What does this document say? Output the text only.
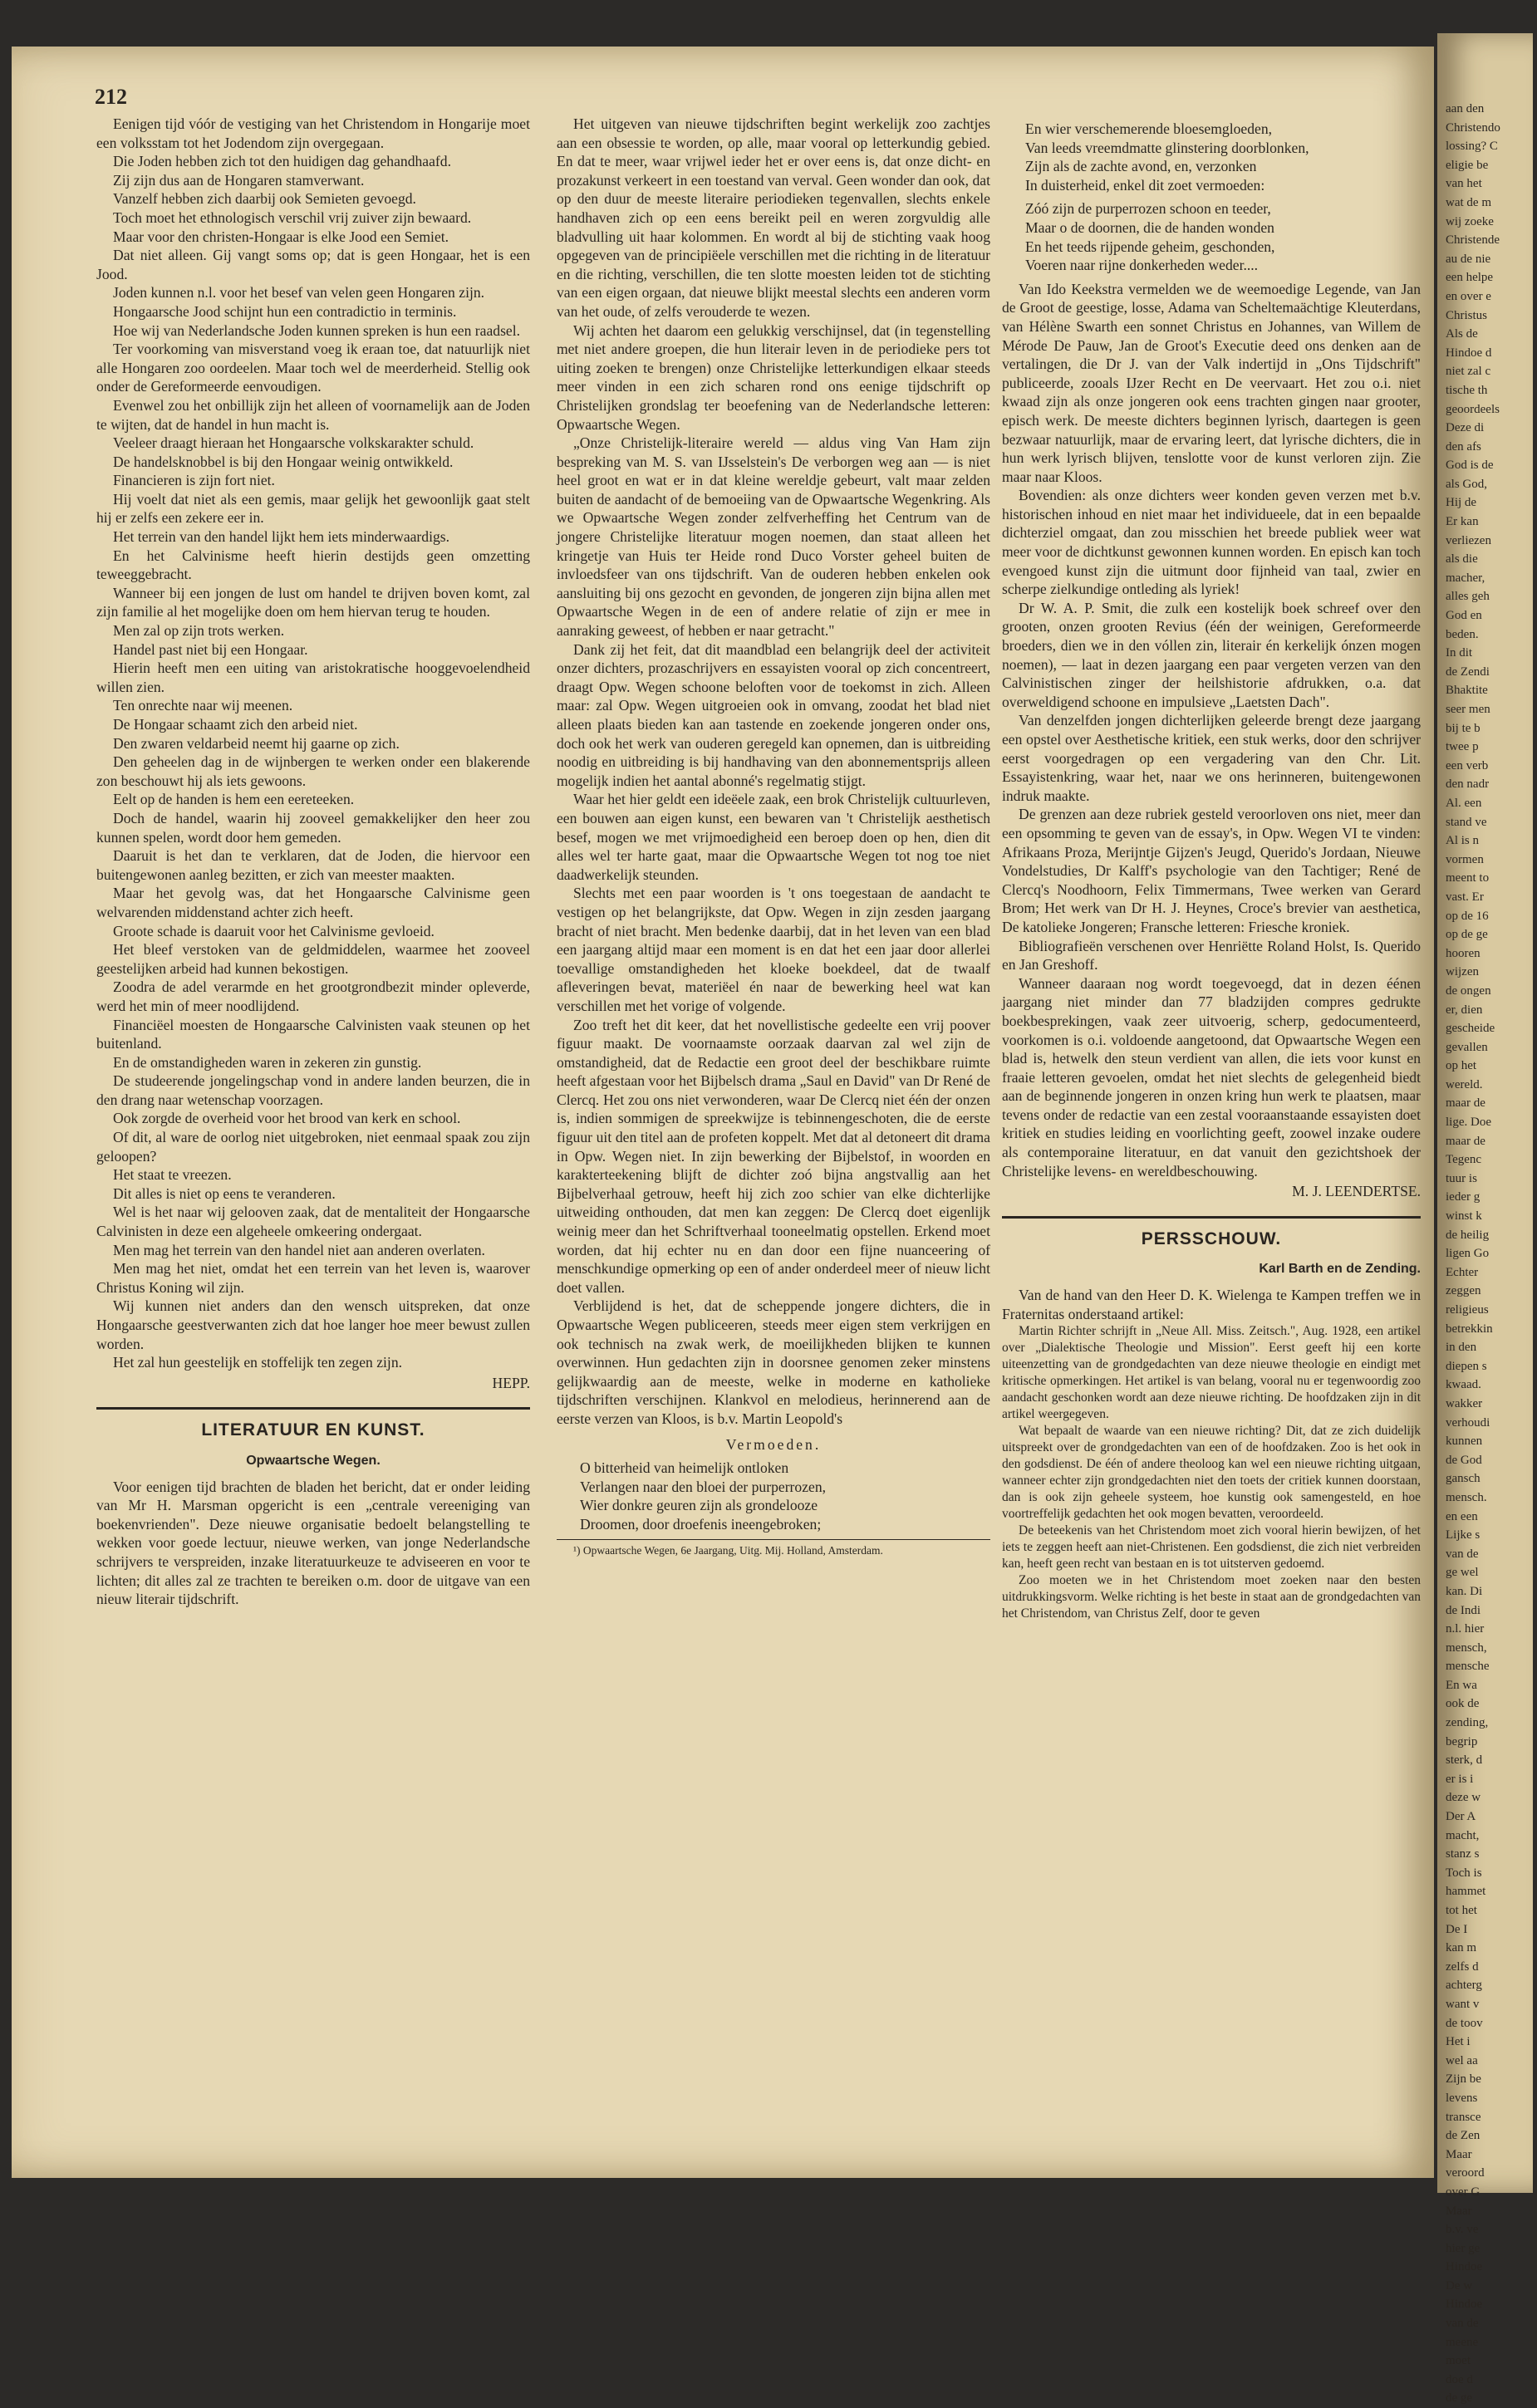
212

Eenigen tijd vóór de vestiging van het Christendom in Hongarije moet een volksstam tot het Jodendom zijn overgegaan.

Die Joden hebben zich tot den huidigen dag gehandhaafd.

Zij zijn dus aan de Hongaren stamverwant.

Vanzelf hebben zich daarbij ook Semieten gevoegd.

Toch moet het ethnologisch verschil vrij zuiver zijn bewaard.

Maar voor den christen-Hongaar is elke Jood een Semiet.

Dat niet alleen. Gij vangt soms op; dat is geen Hongaar, het is een Jood.

Joden kunnen n.l. voor het besef van velen geen Hongaren zijn.

Hongaarsche Jood schijnt hun een contradictio in terminis.

Hoe wij van Nederlandsche Joden kunnen spreken is hun een raadsel.

Ter voorkoming van misverstand voeg ik eraan toe, dat natuurlijk niet alle Hongaren zoo oordeelen. Maar toch wel de meerderheid. Stellig ook onder de Gereformeerde eenvoudigen.

Evenwel zou het onbillijk zijn het alleen of voornamelijk aan de Joden te wijten, dat de handel in hun macht is.

Veeleer draagt hieraan het Hongaarsche volkskarakter schuld.

De handelsknobbel is bij den Hongaar weinig ontwikkeld.

Financieren is zijn fort niet.

Hij voelt dat niet als een gemis, maar gelijk het gewoonlijk gaat stelt hij er zelfs een zekere eer in.

Het terrein van den handel lijkt hem iets minderwaardigs.

En het Calvinisme heeft hierin destijds geen omzetting teweeggebracht.

Wanneer bij een jongen de lust om handel te drijven boven komt, zal zijn familie al het mogelijke doen om hem hiervan terug te houden.

Men zal op zijn trots werken.

Handel past niet bij een Hongaar.

Hierin heeft men een uiting van aristokratische hooggevoelendheid willen zien.

Ten onrechte naar wij meenen.

De Hongaar schaamt zich den arbeid niet.

Den zwaren veldarbeid neemt hij gaarne op zich.

Den geheelen dag in de wijnbergen te werken onder een blakerende zon beschouwt hij als iets gewoons.

Eelt op de handen is hem een eereteeken.

Doch de handel, waarin hij zooveel gemakkelijker den heer zou kunnen spelen, wordt door hem gemeden.

Daaruit is het dan te verklaren, dat de Joden, die hiervoor een buitengewonen aanleg bezitten, er zich van meester maakten.

Maar het gevolg was, dat het Hongaarsche Calvinisme geen welvarenden middenstand achter zich heeft.

Groote schade is daaruit voor het Calvinisme gevloeid.

Het bleef verstoken van de geldmiddelen, waarmee het zooveel geestelijken arbeid had kunnen bekostigen.

Zoodra de adel verarmde en het grootgrondbezit minder opleverde, werd het min of meer noodlijdend.

Financiëel moesten de Hongaarsche Calvinisten vaak steunen op het buitenland.

En de omstandigheden waren in zekeren zin gunstig.

De studeerende jongelingschap vond in andere landen beurzen, die in den drang naar wetenschap voorzagen.

Ook zorgde de overheid voor het brood van kerk en school.

Of dit, al ware de oorlog niet uitgebroken, niet eenmaal spaak zou zijn geloopen?

Het staat te vreezen.

Dit alles is niet op eens te veranderen.

Wel is het naar wij gelooven zaak, dat de mentaliteit der Hongaarsche Calvinisten in deze een algeheele omkeering ondergaat.

Men mag het terrein van den handel niet aan anderen overlaten.

Men mag het niet, omdat het een terrein van het leven is, waarover Christus Koning wil zijn.

Wij kunnen niet anders dan den wensch uitspreken, dat onze Hongaarsche geestverwanten zich dat hoe langer hoe meer bewust zullen worden.

Het zal hun geestelijk en stoffelijk ten zegen zijn.

HEPP.

LITERATUUR EN KUNST.
Opwaartsche Wegen.

Voor eenigen tijd brachten de bladen het bericht, dat er onder leiding van Mr H. Marsman opgericht is een „centrale vereeniging van boekenvrienden". Deze nieuwe organisatie bedoelt belangstelling te wekken voor goede lectuur, nieuwe werken, van jonge Nederlandsche schrijvers te verspreiden, inzake literatuurkeuze te adviseeren en voor te lichten; dit alles zal ze trachten te bereiken o.m. door de uitgave van een nieuw literair tijdschrift.

Het uitgeven van nieuwe tijdschriften begint werkelijk zoo zachtjes aan een obsessie te worden, op alle, maar vooral op letterkundig gebied. En dat te meer, waar vrijwel ieder het er over eens is, dat onze dicht- en prozakunst verkeert in een toestand van verval. Geen wonder dan ook, dat op den duur de meeste literaire periodieken tegenvallen, slechts enkele handhaven zich op een eens bereikt peil en weren zorgvuldig alle bladvulling uit haar kolommen. En wordt al bij de stichting vaak hoog opgegeven van de principiëele verschillen met die richting in de literatuur en die richting, verschillen, die ten slotte moesten leiden tot de stichting van een eigen orgaan, dat nieuwe blijkt meestal slechts een anderen vorm van het oude, of zelfs verouderde te wezen.

Wij achten het daarom een gelukkig verschijnsel, dat (in tegenstelling met niet andere groepen, die hun literair leven in de periodieke pers tot uiting zoeken te brengen) onze Christelijke letterkundigen elkaar steeds meer vinden in een zich scharen rond ons eenige tijdschrift op Christelijken grondslag ter beoefening van de Nederlandsche letteren: Opwaartsche Wegen.

„Onze Christelijk-literaire wereld — aldus ving Van Ham zijn bespreking van M. S. van IJsselstein's De verborgen weg aan — is niet heel groot en wat er in dat kleine wereldje gebeurt, valt maar zelden buiten de aandacht of de bemoeiing van de Opwaartsche Wegenkring. Als we Opwaartsche Wegen zonder zelfverheffing het Centrum van de jongere Christelijke literatuur mogen noemen, dan staat alleen het kringetje van Huis ter Heide rond Duco Vorster geheel buiten de invloedsfeer van ons tijdschrift. Van de ouderen hebben enkelen ook aansluiting bij ons gezocht en gevonden, de jongeren zijn bijna allen met Opwaartsche Wegen in de een of andere relatie of zijn er mee in aanraking geweest, of hebben er naar getracht."

Dank zij het feit, dat dit maandblad een belangrijk deel der activiteit onzer dichters, prozaschrijvers en essayisten vooral op zich concentreert, draagt Opw. Wegen schoone beloften voor de toekomst in zich. Alleen maar: zal Opw. Wegen uitgroeien ook in omvang, zoodat het blad niet alleen plaats bieden kan aan tastende en zoekende jongeren onder ons, doch ook het werk van ouderen geregeld kan opnemen, dan is uitbreiding noodig en uitbreiding is bij handhaving van den abonnementsprijs alleen mogelijk indien het aantal abonné's regelmatig stijgt.

Waar het hier geldt een ideëele zaak, een brok Christelijk cultuurleven, een bouwen aan eigen kunst, een bewaren van 't Christelijk aesthetisch besef, mogen we met vrijmoedigheid een beroep doen op hen, dien dit alles wel ter harte gaat, maar die Opwaartsche Wegen tot nog toe niet daadwerkelijk steunden.

Slechts met een paar woorden is 't ons toegestaan de aandacht te vestigen op het belangrijkste, dat Opw. Wegen in zijn zesden jaargang bracht of niet bracht. Men bedenke daarbij, dat in het leven van een blad een jaargang altijd maar een moment is en dat het een jaar door allerlei toevallige omstandigheden het kloeke boekdeel, dat de twaalf afleveringen bevat, materiëel én naar de bewerking heel wat kan verschillen met het vorige of volgende.

Zoo treft het dit keer, dat het novellistische gedeelte een vrij poover figuur maakt. De voornaamste oorzaak daarvan zal wel zijn de omstandigheid, dat de Redactie een groot deel der beschikbare ruimte heeft afgestaan voor het Bijbelsch drama „Saul en David" van Dr René de Clercq. Het zou ons niet verwonderen, waar De Clercq niet één der onzen is, indien sommigen de spreekwijze is tebinnengeschoten, die de eerste figuur uit den titel aan de profeten koppelt. Met dat al detoneert dit drama in Opw. Wegen niet. In zijn bewerking der Bijbelstof, in woorden en karakterteekening blijft de dichter zoó bijna angstvallig aan het Bijbelverhaal getrouw, heeft hij zich zoo schier van elke dichterlijke uitweiding onthouden, dat men kan zeggen: De Clercq doet eigenlijk weinig meer dan het Schriftverhaal tooneelmatig opstellen. Erkend moet worden, dat hij echter nu en dan door een fijne nuanceering of menschkundige opmerking op een of ander onderdeel meer of nieuw licht doet vallen.

Verblijdend is het, dat de scheppende jongere dichters, die in Opwaartsche Wegen publiceeren, steeds meer eigen stem verkrijgen en ook technisch na zwak werk, de moeilijkheden blijken te kunnen overwinnen. Hun gedachten zijn in doorsnee genomen zeker minstens gelijkwaardig aan de meeste, welke in moderne en katholieke tijdschriften verschijnen. Klankvol en melodieus, herinnerend aan de eerste verzen van Kloos, is b.v. Martin Leopold's

Vermoeden.
O bitterheid van heimelijk ontloken
Verlangen naar den bloei der purperrozen,
Wier donkre geuren zijn als grondelooze
Droomen, door droefenis ineengebroken;

¹) Opwaartsche Wegen, 6e Jaargang, Uitg. Mij. Holland, Amsterdam.

En wier verschemerende bloesemgloeden,
Van leeds vreemdmatte glinstering doorblonken,
Zijn als de zachte avond, en, verzonken
In duisterheid, enkel dit zoet vermoeden:
Zóó zijn de purperrozen schoon en teeder,
Maar o de doornen, die de handen wonden
En het teeds rijpende geheim, geschonden,
Voeren naar rijne donkerheden weder....

Van Ido Keekstra vermelden we de weemoedige Legende, van Jan de Groot de geestige, losse, Adama van Scheltemaächtige Kleuterdans, van Hélène Swarth een sonnet Christus en Johannes, van Willem de Mérode De Pauw, Jan de Groot's Executie deed ons denken aan de vertalingen, die Dr J. van der Valk indertijd in „Ons Tijdschrift" publiceerde, zooals IJzer Recht en De veervaart. Het zou o.i. niet kwaad zijn als onze jongeren ook eens trachten gingen naar grooter, episch werk. De meeste dichters beginnen lyrisch, daartegen is geen bezwaar natuurlijk, maar de ervaring leert, dat lyrische dichters, die in hun werk lyrisch blijven, tenslotte voor de kunst verloren zijn. Zie maar naar Kloos.

Bovendien: als onze dichters weer konden geven verzen met b.v. historischen inhoud en niet maar het individueele, dat in een bepaalde dichterziel omgaat, dan zou misschien het breede publiek weer wat meer voor de dichtkunst gewonnen kunnen worden. En episch kan toch evengoed kunst zijn die uitmunt door fijnheid van taal, zwier en scherpe zielkundige ontleding als lyriek!

Dr W. A. P. Smit, die zulk een kostelijk boek schreef over den grooten, onzen grooten Revius (één der weinigen, Gereformeerde broeders, dien we in den vóllen zin, literair én kerkelijk ónzen mogen noemen), — laat in dezen jaargang een paar vergeten verzen van den Calvinistischen zinger der heilshistorie afdrukken, o.a. dat overweldigend schoone en impulsieve „Laetsten Dach".

Van denzelfden jongen dichterlijken geleerde brengt deze jaargang een opstel over Aesthetische kritiek, een stuk werks, door den schrijver eerst voorgedragen op een vergadering van den Chr. Lit. Essayistenkring, waar het, naar we ons herinneren, buitengewonen indruk maakte.

De grenzen aan deze rubriek gesteld veroorloven ons niet, meer dan een opsomming te geven van de essay's, in Opw. Wegen VI te vinden: Afrikaans Proza, Merijntje Gijzen's Jeugd, Querido's Jordaan, Nieuwe Vondelstudies, Dr Kalff's psychologie van den Tachtiger; René de Clercq's Noodhoorn, Felix Timmermans, Twee werken van Gerard Brom; Het werk van Dr H. J. Heynes, Croce's brevier van aesthetica, De katolieke Jongeren; Fransche letteren: Friesche kroniek.

Bibliografieën verschenen over Henriëtte Roland Holst, Is. Querido en Jan Greshoff.

Wanneer daaraan nog wordt toegevoegd, dat in dezen éénen jaargang niet minder dan 77 bladzijden compres gedrukte boekbesprekingen, vaak zeer uitvoerig, scherp, gedocumenteerd, voorkomen is o.i. voldoende aangetoond, dat Opwaartsche Wegen een blad is, hetwelk den steun verdient van allen, die iets voor kunst en fraaie letteren gevoelen, omdat het niet slechts de gelegenheid biedt aan de beginnende jongeren in onzen kring hun werk te plaatsen, maar tevens onder de redactie van een zestal vooraanstaande essayisten doet kritiek en studies leiding en voorlichting geeft, zoowel inzake oudere als contemporaine literatuur, en dat vanuit den gezichtshoek der Christelijke levens- en wereldbeschouwing.

M. J. LEENDERTSE.

PERSSCHOUW.
Karl Barth en de Zending.

Van de hand van den Heer D. K. Wielenga te Kampen treffen we in Fraternitas onderstaand artikel:

Martin Richter schrijft in „Neue All. Miss. Zeitsch.", Aug. 1928, een artikel over „Dialektische Theologie und Mission". Eerst geeft hij een korte uiteenzetting van de grondgedachten van deze nieuwe theologie en eindigt met kritische opmerkingen. Het artikel is van belang, vooral nu er tegenwoordig zoo aandacht geschonken wordt aan deze nieuwe richting. De hoofdzaken zijn in dit artikel weergegeven.

Wat bepaalt de waarde van een nieuwe richting? Dit, dat ze zich duidelijk uitspreekt over de grondgedachten van een of de hoofdzaken. Zoo is het ook in den godsdienst. De één of andere theoloog kan wel een nieuwe richting uitgaan, wanneer echter zijn grondgedachten niet den toets der critiek kunnen doorstaan, dan is ook zijn geheele systeem, hoe kunstig ook samengesteld, en hoe voortreffelijk gedachten het ook mogen bevatten, veroordeeld.

De beteekenis van het Christendom moet zich vooral hierin bewijzen, of het iets te zeggen heeft aan niet-Christenen. Een godsdienst, die zich niet verbreiden kan, heeft geen recht van bestaan en is tot uitsterven gedoemd.

Zoo moeten we in het Christendom moet zoeken naar den besten uitdrukkingsvorm. Welke richting is het beste in staat aan de grondgedachten van het Christendom, van Christus Zelf, door te geven

aan den
Christendo
lossing? C
eligie be
van het
wat de m
wij zoeke
Christende
au de nie
een helpe
en over e
Christus
Als de
Hindoe d
niet zal c
tische th
geoordeels
Deze di
den afs
God is de
als God,
Hij de
Er kan
verliezen
als die
macher,
alles geh
God en
beden.
In dit
de Zendi
Bhaktite
seer men
bij te b
twee p
een verb
den nadr
Al. een
stand ve
Al is n
vormen
meent to
vast. Er
op de 16
op de ge
hooren
wijzen
de ongen
er, dien
gescheide
gevallen
op het
wereld.
maar de
lige. Doe
maar de
Tegenc
tuur is
ieder g
winst k
de heilig
ligen Go
Echter
zeggen
religieus
betrekkin
in den
diepen s
kwaad.
wakker
verhoudi
kunnen
de God
gansch
mensch.
en een
Lijke s
van de
ge wel
kan. Di
de Indi
n.l. hier
mensch,
mensche
En wa
ook de
zending,
begrip
sterk, d
er is i
deze w
Der A
macht,
stanz s
Toch is
hammet
tot het
De I
kan m
zelfs d
achterg
want v
de toov
Het i
wel aa
Zijn be
levens
transce
de Zen
Maar
veroord
over G
Maar
b.v. ve
hier ge
Hindoe
De w
Hindoe
van de
meene
moet
doe d
de ge
